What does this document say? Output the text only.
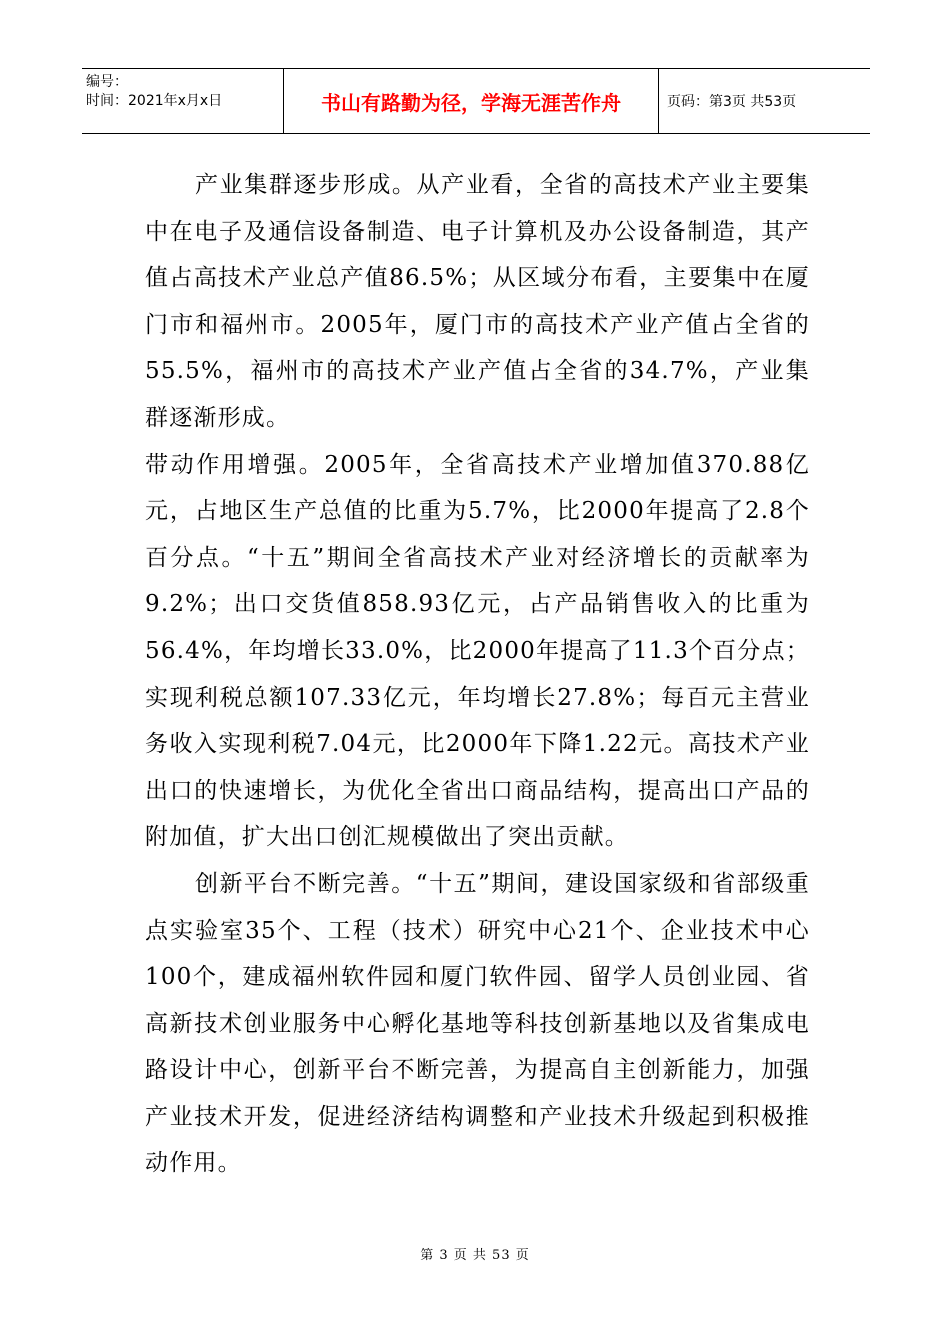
编号：
时间：2021年x月x日	书山有路勤为径，学海无涯苦作舟	页码：第3页 共53页

产业集群逐步形成。从产业看，全省的高技术产业主要集中在电子及通信设备制造、电子计算机及办公设备制造，其产值占高技术产业总产值86.5%；从区域分布看，主要集中在厦门市和福州市。2005年，厦门市的高技术产业产值占全省的55.5%，福州市的高技术产业产值占全省的34.7%，产业集群逐渐形成。

带动作用增强。2005年，全省高技术产业增加值370.88亿元，占地区生产总值的比重为5.7%，比2000年提高了2.8个百分点。“十五”期间全省高技术产业对经济增长的贡献率为9.2%；出口交货值858.93亿元，占产品销售收入的比重为56.4%，年均增长33.0%，比2000年提高了11.3个百分点；实现利税总额107.33亿元，年均增长27.8%；每百元主营业务收入实现利税7.04元，比2000年下降1.22元。高技术产业出口的快速增长，为优化全省出口商品结构，提高出口产品的附加值，扩大出口创汇规模做出了突出贡献。

创新平台不断完善。“十五”期间，建设国家级和省部级重点实验室35个、工程（技术）研究中心21个、企业技术中心100个，建成福州软件园和厦门软件园、留学人员创业园、省高新技术创业服务中心孵化基地等科技创新基地以及省集成电路设计中心，创新平台不断完善，为提高自主创新能力，加强产业技术开发，促进经济结构调整和产业技术升级起到积极推动作用。

第 3 页 共 53 页
